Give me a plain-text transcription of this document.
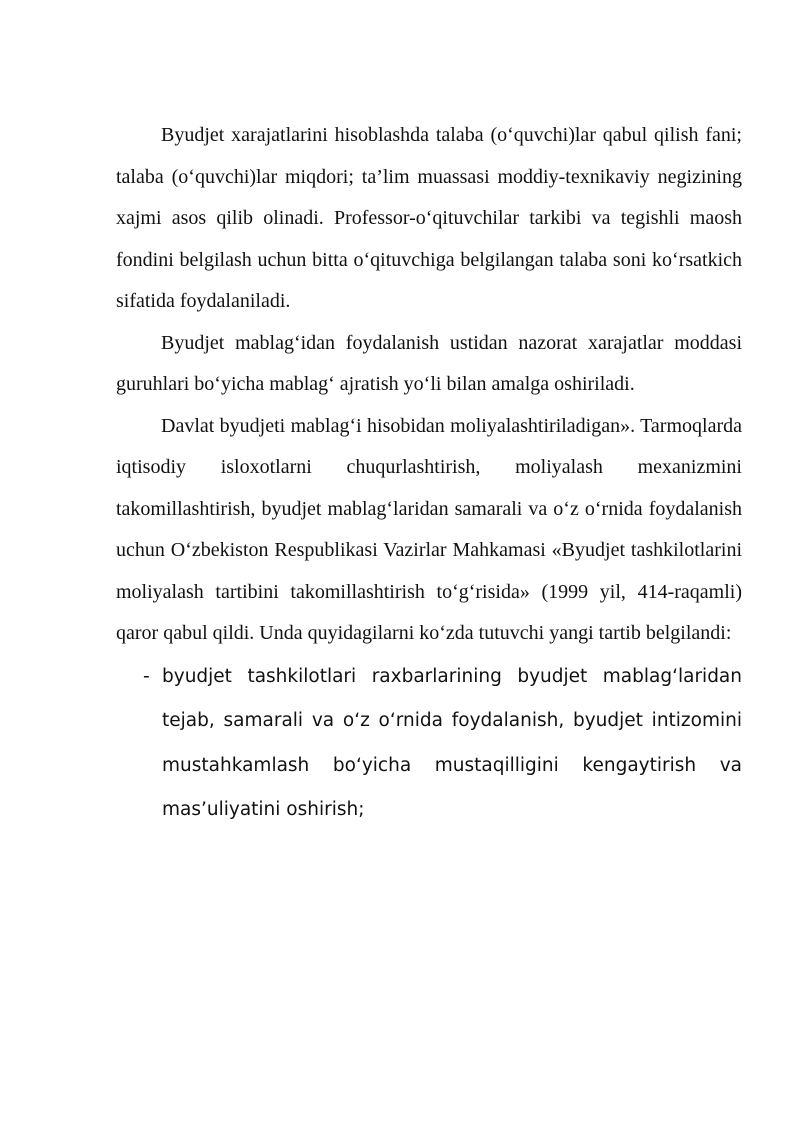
Byudjet xarajatlarini hisoblashda talaba (o‘quvchi)lar qabul qilish fani; talaba (o‘quvchi)lar miqdori; ta’lim muassasi moddiy-texnikaviy negizining xajmi asos qilib olinadi. Professor-o‘qituvchilar tarkibi va tegishli maosh fondini belgilash uchun bitta o‘qituvchiga belgilangan talaba soni ko‘rsatkich sifatida foydalaniladi.

Byudjet mablag‘idan foydalanish ustidan nazorat xarajatlar moddasi guruhlari bo‘yicha mablag‘ ajratish yo‘li bilan amalga oshiriladi.

Davlat byudjeti mablag‘i hisobidan moliyalashtiriladigan». Tarmoqlarda iqtisodiy isloxotlarni chuqurlashtirish, moliyalash mexanizmini takomillashtirish, byudjet mablag‘laridan samarali va o‘z o‘rnida foydalanish uchun O‘zbekiston Respublikasi Vazirlar Mahkamasi «Byudjet tashkilotlarini moliyalash tartibini takomillashtirish to‘g‘risida» (1999 yil, 414-raqamli) qaror qabul qildi. Unda quyidagilarni ko‘zda tutuvchi yangi tartib belgilandi:

- byudjet tashkilotlari raxbarlarining byudjet mablag‘laridan tejab, samarali va o‘z o‘rnida foydalanish, byudjet intizomini mustahkamlash bo‘yicha mustaqilligini kengaytirish va mas’uliyatini oshirish;
